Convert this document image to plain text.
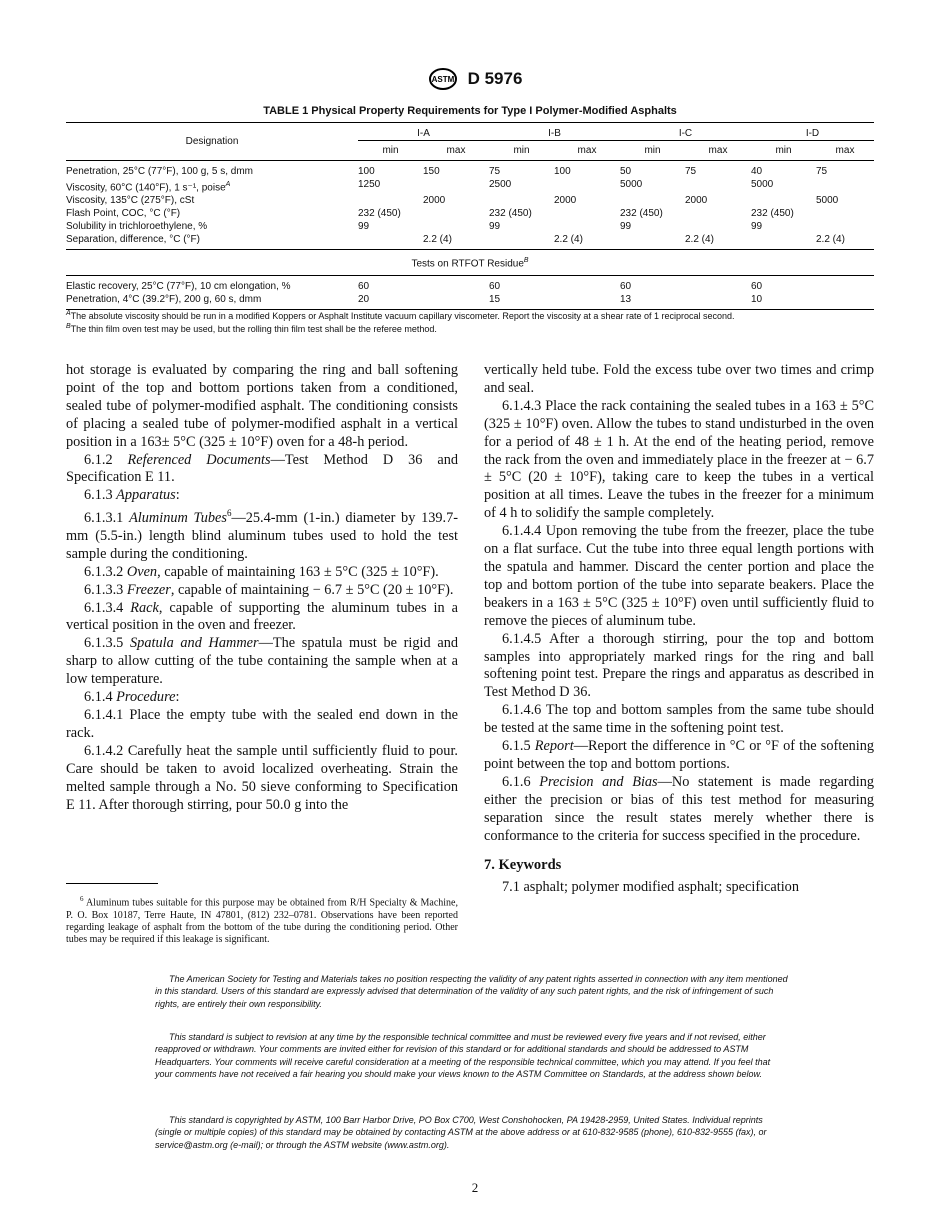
ASTM D 5976
TABLE 1 Physical Property Requirements for Type I Polymer-Modified Asphalts
Designation	I-A		I-B		I-C		I-D		
	min	max	min	max	min	max	min	max	
Penetration, 25°C (77°F), 100 g, 5 s, dmm	100	150	75	100	50	75	40	75	
Viscosity, 60°C (140°F), 1 s⁻¹, poise$^A$	1250		2500		5000		5000		
Viscosity, 135°C (275°F), cSt		2000		2000		2000		5000	
Flash Point, COC, °C (°F)	232 (450)		232 (450)		232 (450)		232 (450)		
Solubility in trichloroethylene, %	99		99		99		99		
Separation, difference, °C (°F)		2.2 (4)		2.2 (4)		2.2 (4)		2.2 (4)	
Tests on RTFOT Residue$^B$
Elastic recovery, 25°C (77°F), 10 cm elongation, %	60		60		60		60		
Penetration, 4°C (39.2°F), 200 g, 60 s, dmm	20		15		13		10		
$^A$The absolute viscosity should be run in a modified Koppers or Asphalt Institute vacuum capillary viscometer. Report the viscosity at a shear rate of 1 reciprocal second.
$^B$The thin film oven test may be used, but the rolling thin film test shall be the referee method.

hot storage is evaluated by comparing the ring and ball softening point of the top and bottom portions taken from a conditioned, sealed tube of polymer-modified asphalt. The conditioning consists of placing a sealed tube of polymer-modified asphalt in a vertical position in a 163± 5°C (325 ± 10°F) oven for a 48-h period.

6.1.2 Referenced Documents—Test Method D 36 and Specification E 11.

6.1.3 Apparatus:

6.1.3.1 Aluminum Tubes$^6$—25.4-mm (1-in.) diameter by 139.7-mm (5.5-in.) length blind aluminum tubes used to hold the test sample during the conditioning.

6.1.3.2 Oven, capable of maintaining 163 ± 5°C (325 ± 10°F).

6.1.3.3 Freezer, capable of maintaining − 6.7 ± 5°C (20 ± 10°F).

6.1.3.4 Rack, capable of supporting the aluminum tubes in a vertical position in the oven and freezer.

6.1.3.5 Spatula and Hammer—The spatula must be rigid and sharp to allow cutting of the tube containing the sample when at a low temperature.

6.1.4 Procedure:

6.1.4.1 Place the empty tube with the sealed end down in the rack.

6.1.4.2 Carefully heat the sample until sufficiently fluid to pour. Care should be taken to avoid localized overheating. Strain the melted sample through a No. 50 sieve conforming to Specification E 11. After thorough stirring, pour 50.0 g into the

$^6$ Aluminum tubes suitable for this purpose may be obtained from R/H Specialty & Machine, P. O. Box 10187, Terre Haute, IN 47801, (812) 232–0781. Observations have been reported regarding leakage of asphalt from the bottom of the tube during the conditioning period. Other tubes may be required if this leakage is significant.

vertically held tube. Fold the excess tube over two times and crimp and seal.

6.1.4.3 Place the rack containing the sealed tubes in a 163 ± 5°C (325 ± 10°F) oven. Allow the tubes to stand undisturbed in the oven for a period of 48 ± 1 h. At the end of the heating period, remove the rack from the oven and immediately place in the freezer at − 6.7 ± 5°C (20 ± 10°F), taking care to keep the tubes in a vertical position at all times. Leave the tubes in the freezer for a minimum of 4 h to solidify the sample completely.

6.1.4.4 Upon removing the tube from the freezer, place the tube on a flat surface. Cut the tube into three equal length portions with the spatula and hammer. Discard the center portion and place the top and bottom portion of the tube into separate beakers. Place the beakers in a 163 ± 5°C (325 ± 10°F) oven until sufficiently fluid to remove the pieces of aluminum tube.

6.1.4.5 After a thorough stirring, pour the top and bottom samples into appropriately marked rings for the ring and ball softening point test. Prepare the rings and apparatus as described in Test Method D 36.

6.1.4.6 The top and bottom samples from the same tube should be tested at the same time in the softening point test.

6.1.5 Report—Report the difference in °C or °F of the softening point between the top and bottom portions.

6.1.6 Precision and Bias—No statement is made regarding either the precision or bias of this test method for measuring separation since the result states merely whether there is conformance to the criteria for success specified in the procedure.

7. Keywords

7.1 asphalt; polymer modified asphalt; specification

The American Society for Testing and Materials takes no position respecting the validity of any patent rights asserted in connection with any item mentioned in this standard. Users of this standard are expressly advised that determination of the validity of any such patent rights, and the risk of infringement of such rights, are entirely their own responsibility.
This standard is subject to revision at any time by the responsible technical committee and must be reviewed every five years and if not revised, either reapproved or withdrawn. Your comments are invited either for revision of this standard or for additional standards and should be addressed to ASTM Headquarters. Your comments will receive careful consideration at a meeting of the responsible technical committee, which you may attend. If you feel that your comments have not received a fair hearing you should make your views known to the ASTM Committee on Standards, at the address shown below.
This standard is copyrighted by ASTM, 100 Barr Harbor Drive, PO Box C700, West Conshohocken, PA 19428-2959, United States. Individual reprints (single or multiple copies) of this standard may be obtained by contacting ASTM at the above address or at 610-832-9585 (phone), 610-832-9555 (fax), or service@astm.org (e-mail); or through the ASTM website (www.astm.org).
2
